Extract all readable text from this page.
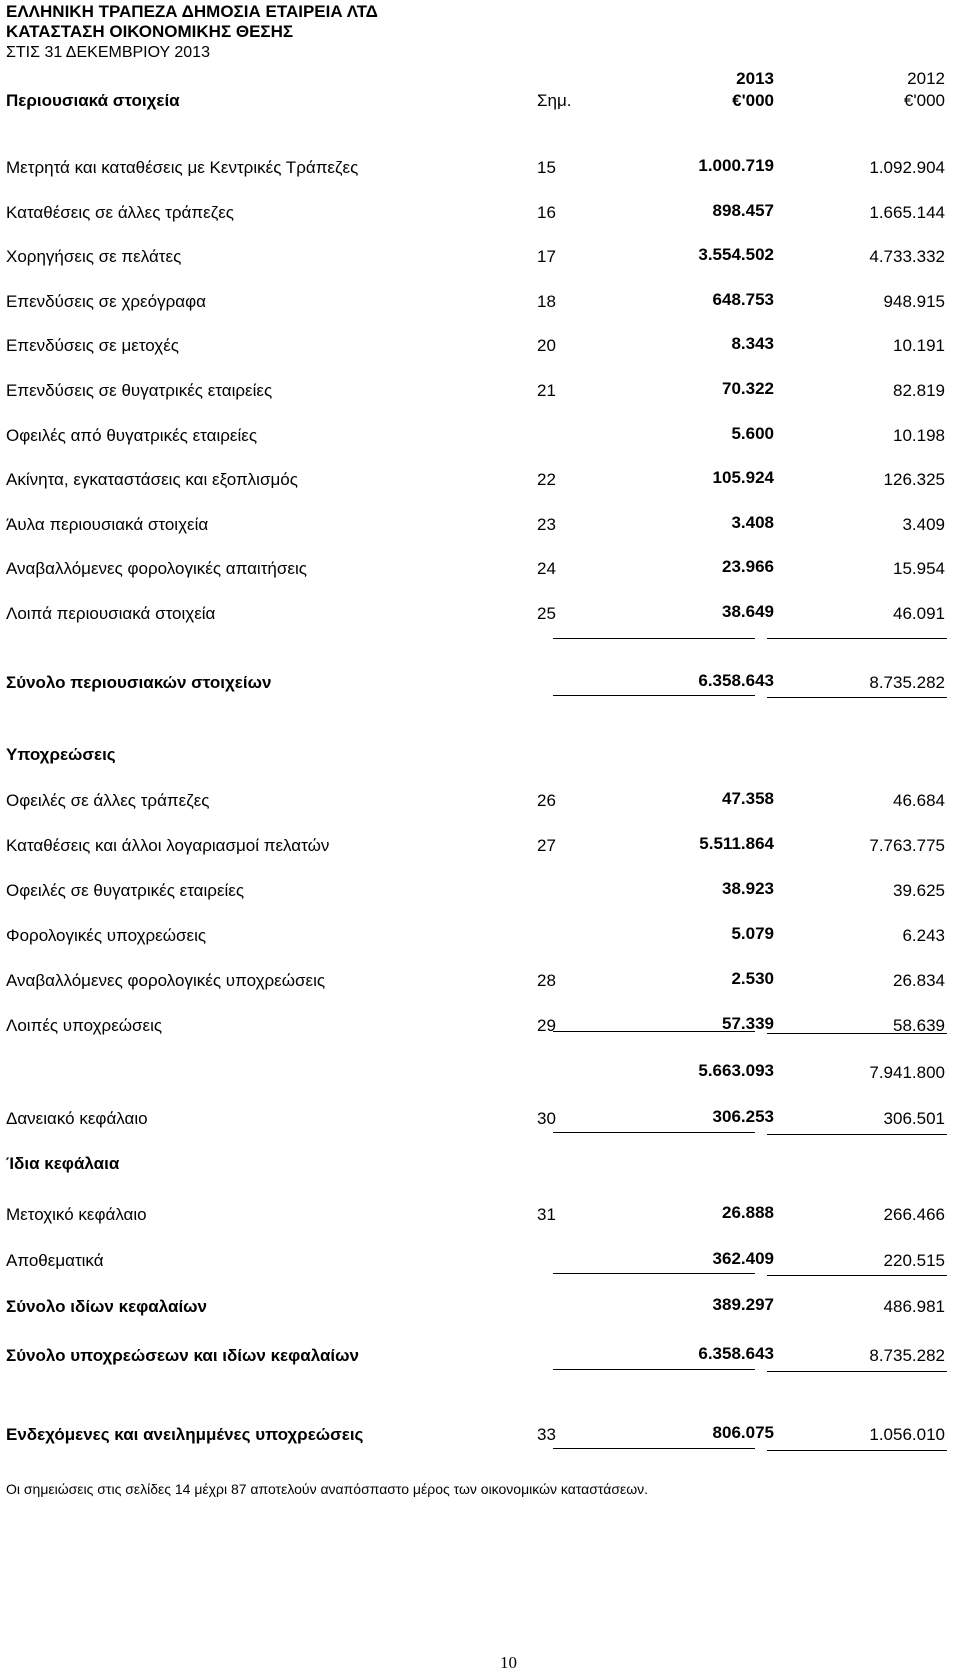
ΕΛΛΗΝΙΚΗ ΤΡΑΠΕΖΑ ΔΗΜΟΣΙΑ ΕΤΑΙΡΕΙΑ ΛΤΔ
ΚΑΤΑΣΤΑΣΗ ΟΙΚΟΝΟΜΙΚΗΣ ΘΕΣΗΣ
ΣΤΙΣ 31 ΔΕΚΕΜΒΡΙΟΥ 2013
2013	2012
Περιουσιακά στοιχεία	Σημ.	€'000	€'000
Μετρητά και καταθέσεις με Κεντρικές Τράπεζες	15	1.000.719	1.092.904
Καταθέσεις σε άλλες τράπεζες	16	898.457	1.665.144
Χορηγήσεις σε πελάτες	17	3.554.502	4.733.332
Επενδύσεις σε χρεόγραφα	18	648.753	948.915
Επενδύσεις σε μετοχές	20	8.343	10.191
Επενδύσεις σε θυγατρικές εταιρείες	21	70.322	82.819
Οφειλές από θυγατρικές εταιρείες	5.600	10.198
Ακίνητα, εγκαταστάσεις και εξοπλισμός	22	105.924	126.325
Άυλα περιουσιακά στοιχεία	23	3.408	3.409
Αναβαλλόμενες φορολογικές απαιτήσεις	24	23.966	15.954
Λοιπά περιουσιακά στοιχεία	25	38.649	46.091
Σύνολο περιουσιακών στοιχείων	6.358.643	8.735.282
Υποχρεώσεις
Οφειλές σε άλλες τράπεζες	26	47.358	46.684
Καταθέσεις και άλλοι λογαριασμοί πελατών	27	5.511.864	7.763.775
Οφειλές σε θυγατρικές εταιρείες	38.923	39.625
Φορολογικές υποχρεώσεις	5.079	6.243
Αναβαλλόμενες φορολογικές υποχρεώσεις	28	2.530	26.834
Λοιπές υποχρεώσεις	29	57.339	58.639
5.663.093	7.941.800
Δανειακό κεφάλαιο	30	306.253	306.501
Ίδια κεφάλαια
Μετοχικό κεφάλαιο	31	26.888	266.466
Αποθεματικά	362.409	220.515
Σύνολο ιδίων κεφαλαίων	389.297	486.981
Σύνολο υποχρεώσεων και ιδίων κεφαλαίων	6.358.643	8.735.282
Ενδεχόμενες και ανειλημμένες υποχρεώσεις	33	806.075	1.056.010
Οι σημειώσεις στις σελίδες 14 μέχρι 87 αποτελούν αναπόσπαστο μέρος των οικονομικών καταστάσεων.
10
